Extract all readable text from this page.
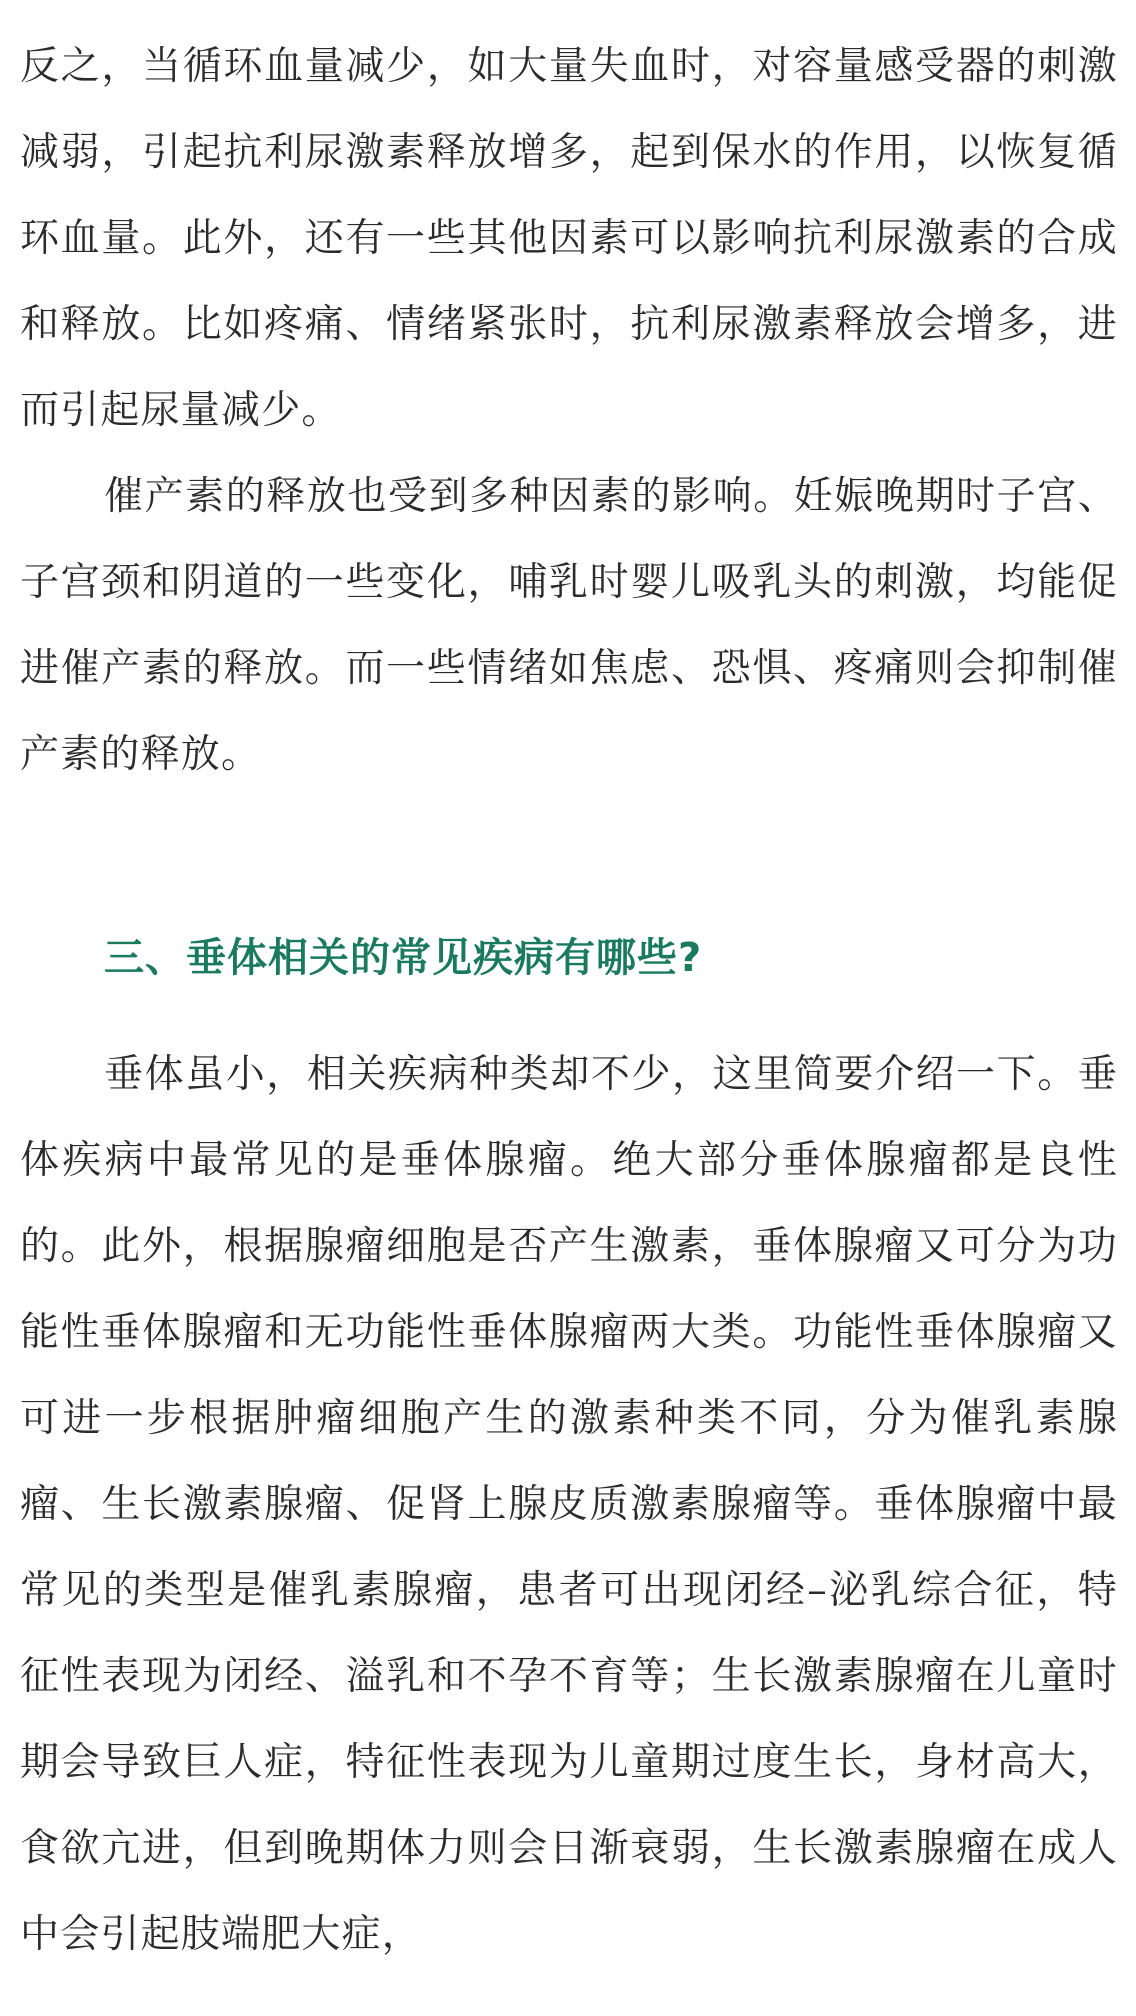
反之，当循环血量减少，如大量失血时，对容量感受器的刺激减弱，引起抗利尿激素释放增多，起到保水的作用，以恢复循环血量。此外，还有一些其他因素可以影响抗利尿激素的合成和释放。比如疼痛、情绪紧张时，抗利尿激素释放会增多，进而引起尿量减少。

催产素的释放也受到多种因素的影响。妊娠晚期时子宫、子宫颈和阴道的一些变化，哺乳时婴儿吸乳头的刺激，均能促进催产素的释放。而一些情绪如焦虑、恐惧、疼痛则会抑制催产素的释放。

三、垂体相关的常见疾病有哪些?

垂体虽小，相关疾病种类却不少，这里简要介绍一下。垂体疾病中最常见的是垂体腺瘤。绝大部分垂体腺瘤都是良性的。此外，根据腺瘤细胞是否产生激素，垂体腺瘤又可分为功能性垂体腺瘤和无功能性垂体腺瘤两大类。功能性垂体腺瘤又可进一步根据肿瘤细胞产生的激素种类不同，分为催乳素腺瘤、生长激素腺瘤、促肾上腺皮质激素腺瘤等。垂体腺瘤中最常见的类型是催乳素腺瘤，患者可出现闭经–泌乳综合征，特征性表现为闭经、溢乳和不孕不育等；生长激素腺瘤在儿童时期会导致巨人症，特征性表现为儿童期过度生长，身材高大，食欲亢进，但到晚期体力则会日渐衰弱，生长激素腺瘤在成人中会引起肢端肥大症，
